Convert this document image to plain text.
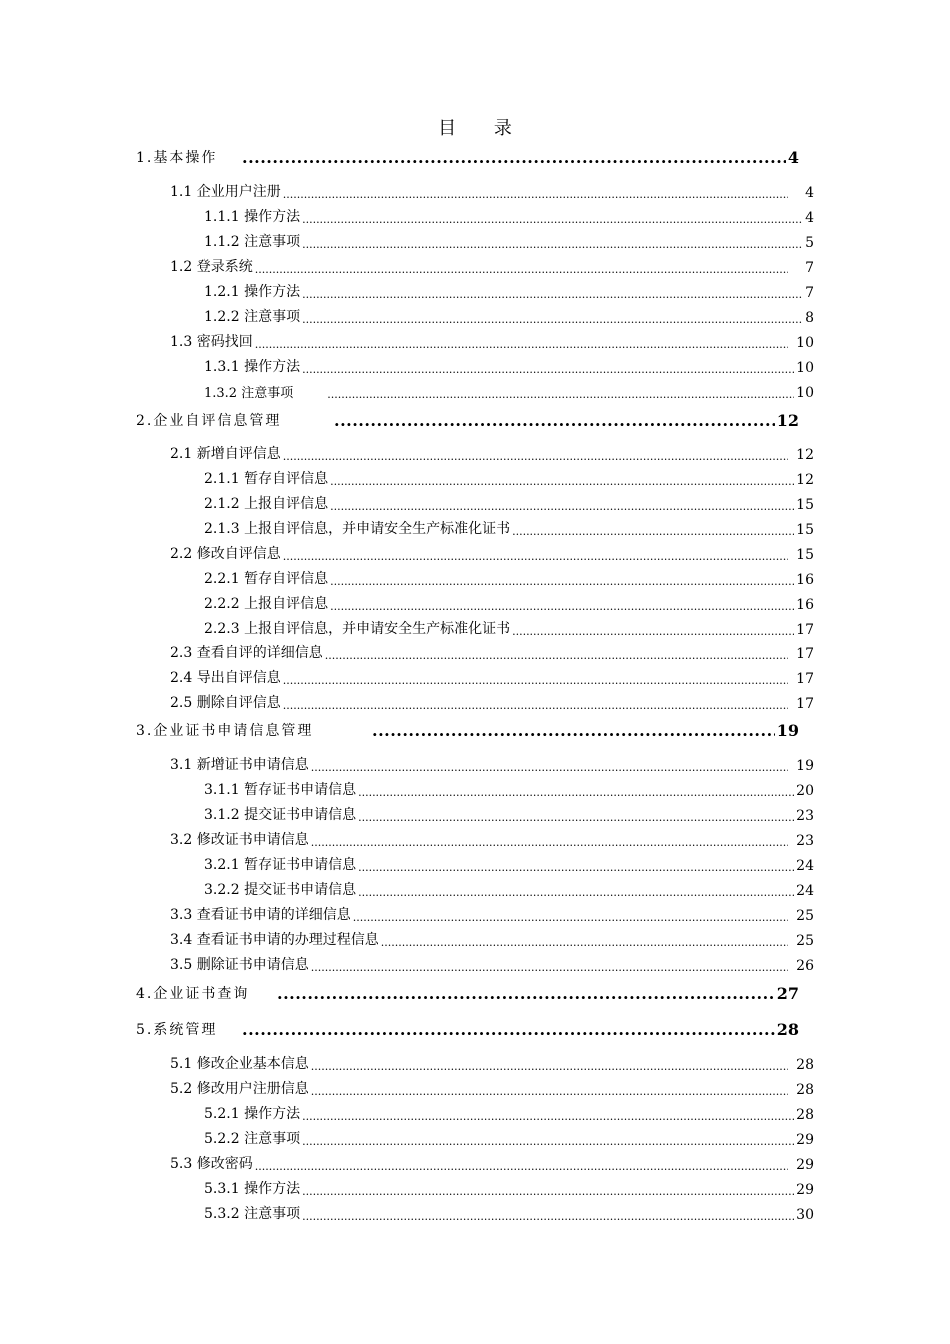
目 录
1.基本操作 .....	4
1.1 企业用户注册 .....	4
1.1.1 操作方法 .....	4
1.1.2 注意事项 .....	5
1.2 登录系统 .....	7
1.2.1 操作方法 .....	7
1.2.2 注意事项 .....	8
1.3 密码找回 .....	10
1.3.1 操作方法 .....	10
1.3.2 注意事项 .....	10
2.企业自评信息管理 .....	12
2.1 新增自评信息 .....	12
2.1.1 暂存自评信息 .....	12
2.1.2 上报自评信息 .....	15
2.1.3 上报自评信息，并申请安全生产标准化证书 .....	15
2.2 修改自评信息 .....	15
2.2.1 暂存自评信息 .....	16
2.2.2 上报自评信息 .....	16
2.2.3 上报自评信息，并申请安全生产标准化证书 .....	17
2.3 查看自评的详细信息 .....	17
2.4 导出自评信息 .....	17
2.5 删除自评信息 .....	17
3.企业证书申请信息管理 .....	19
3.1 新增证书申请信息 .....	19
3.1.1 暂存证书申请信息 .....	20
3.1.2 提交证书申请信息 .....	23
3.2 修改证书申请信息 .....	23
3.2.1 暂存证书申请信息 .....	24
3.2.2 提交证书申请信息 .....	24
3.3 查看证书申请的详细信息 .....	25
3.4 查看证书申请的办理过程信息 .....	25
3.5 删除证书申请信息 .....	26
4.企业证书查询 .....	27
5.系统管理 .....	28
5.1 修改企业基本信息 .....	28
5.2 修改用户注册信息 .....	28
5.2.1 操作方法 .....	28
5.2.2 注意事项 .....	29
5.3 修改密码 .....	29
5.3.1 操作方法 .....	29
5.3.2 注意事项 .....	30
